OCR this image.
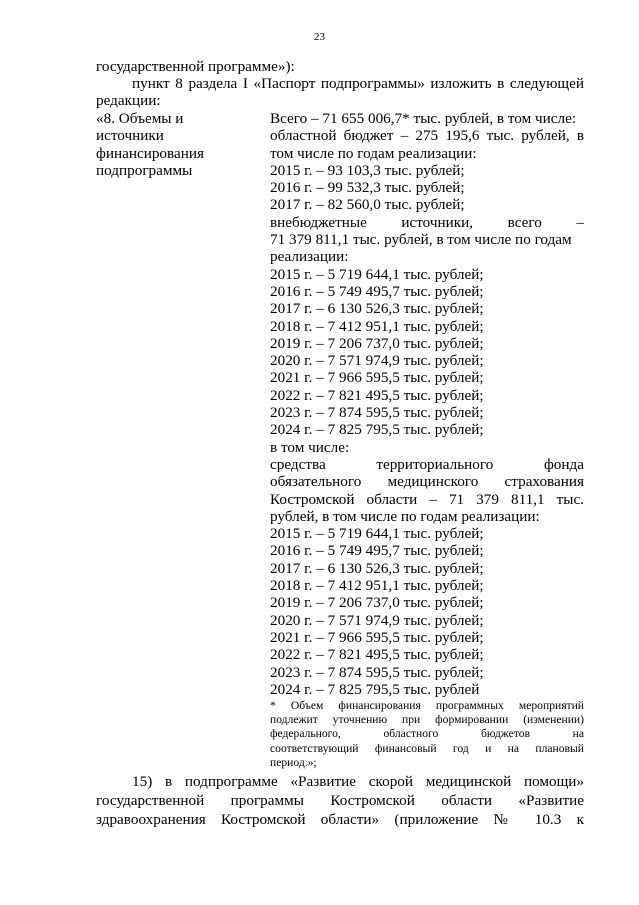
23
государственной программе»):
пункт 8 раздела I «Паспорт подпрограммы» изложить в следующей
редакции:
«8. Объемы и
источники
финансирования
подпрограммы
Всего – 71 655 006,7* тыс. рублей, в том числе:
областной бюджет – 275 195,6 тыс. рублей, в
том числе по годам реализации:
2015 г. – 93 103,3 тыс. рублей;
2016 г. – 99 532,3 тыс. рублей;
2017 г. – 82 560,0 тыс. рублей;
внебюджетные источники, всего –
71 379 811,1 тыс. рублей, в том числе по годам
реализации:
2015 г. – 5 719 644,1 тыс. рублей;
2016 г. – 5 749 495,7 тыс. рублей;
2017 г. – 6 130 526,3 тыс. рублей;
2018 г. – 7 412 951,1 тыс. рублей;
2019 г. – 7 206 737,0 тыс. рублей;
2020 г. – 7 571 974,9 тыс. рублей;
2021 г. – 7 966 595,5 тыс. рублей;
2022 г. – 7 821 495,5 тыс. рублей;
2023 г. – 7 874 595,5 тыс. рублей;
2024 г. – 7 825 795,5 тыс. рублей;
в том числе:
средства территориального фонда
обязательного медицинского страхования
Костромской области – 71 379 811,1 тыс.
рублей, в том числе по годам реализации:
2015 г. – 5 719 644,1 тыс. рублей;
2016 г. – 5 749 495,7 тыс. рублей;
2017 г. – 6 130 526,3 тыс. рублей;
2018 г. – 7 412 951,1 тыс. рублей;
2019 г. – 7 206 737,0 тыс. рублей;
2020 г. – 7 571 974,9 тыс. рублей;
2021 г. – 7 966 595,5 тыс. рублей;
2022 г. – 7 821 495,5 тыс. рублей;
2023 г. – 7 874 595,5 тыс. рублей;
2024 г. – 7 825 795,5 тыс. рублей
* Объем финансирования программных мероприятий
подлежит уточнению при формировании (изменении)
федерального, областного бюджетов на
соответствующий финансовый год и на плановый
период.»;
15) в подпрограмме «Развитие скорой медицинской помощи»
государственной программы Костромской области «Развитие
здравоохранения Костромской области» (приложение № 10.3 к
